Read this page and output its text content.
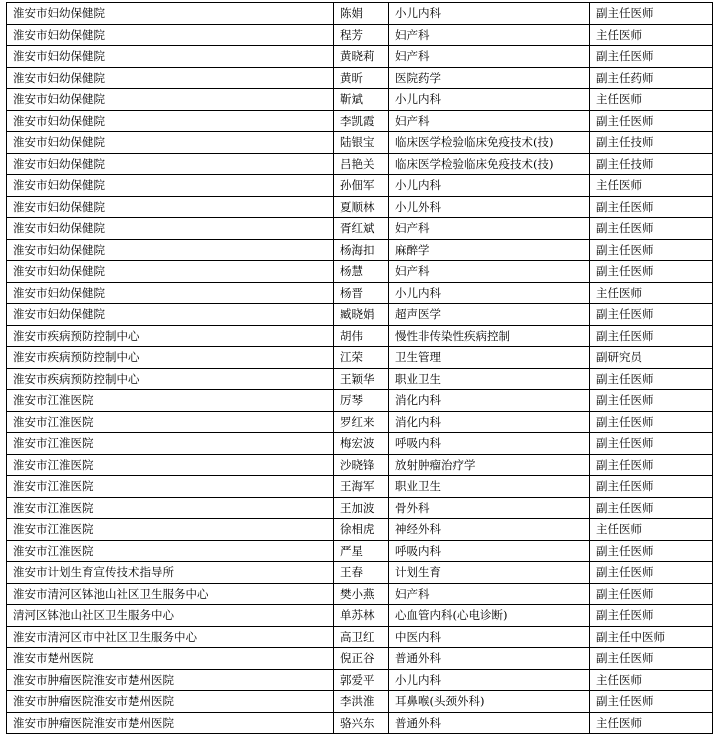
淮安市妇幼保健院	陈娟	小儿内科	副主任医师
淮安市妇幼保健院	程芳	妇产科	主任医师
淮安市妇幼保健院	黄晓莉	妇产科	副主任医师
淮安市妇幼保健院	黄昕	医院药学	副主任药师
淮安市妇幼保健院	靳斌	小儿内科	主任医师
淮安市妇幼保健院	李凯霞	妇产科	副主任医师
淮安市妇幼保健院	陆银宝	临床医学检验临床免疫技术(技)	副主任技师
淮安市妇幼保健院	吕艳关	临床医学检验临床免疫技术(技)	副主任技师
淮安市妇幼保健院	孙佃军	小儿内科	主任医师
淮安市妇幼保健院	夏顺林	小儿外科	副主任医师
淮安市妇幼保健院	胥红斌	妇产科	副主任医师
淮安市妇幼保健院	杨海扣	麻醉学	副主任医师
淮安市妇幼保健院	杨慧	妇产科	副主任医师
淮安市妇幼保健院	杨晋	小儿内科	主任医师
淮安市妇幼保健院	臧晓娟	超声医学	副主任医师
淮安市疾病预防控制中心	胡伟	慢性非传染性疾病控制	副主任医师
淮安市疾病预防控制中心	江荣	卫生管理	副研究员
淮安市疾病预防控制中心	王颖华	职业卫生	副主任医师
淮安市江淮医院	厉琴	消化内科	副主任医师
淮安市江淮医院	罗红来	消化内科	副主任医师
淮安市江淮医院	梅宏波	呼吸内科	副主任医师
淮安市江淮医院	沙晓锋	放射肿瘤治疗学	副主任医师
淮安市江淮医院	王海军	职业卫生	副主任医师
淮安市江淮医院	王加波	骨外科	副主任医师
淮安市江淮医院	徐相虎	神经外科	主任医师
淮安市江淮医院	严星	呼吸内科	副主任医师
淮安市计划生育宣传技术指导所	王春	计划生育	副主任医师
淮安市清河区钵池山社区卫生服务中心	樊小燕	妇产科	副主任医师
清河区钵池山社区卫生服务中心	单苏林	心血管内科(心电诊断)	副主任医师
淮安市清河区市中社区卫生服务中心	高卫红	中医内科	副主任中医师
淮安市楚州医院	倪正谷	普通外科	副主任医师
淮安市肿瘤医院淮安市楚州医院	郭爱平	小儿内科	主任医师
淮安市肿瘤医院淮安市楚州医院	李洪淮	耳鼻喉(头颈外科)	副主任医师
淮安市肿瘤医院淮安市楚州医院	骆兴东	普通外科	主任医师
